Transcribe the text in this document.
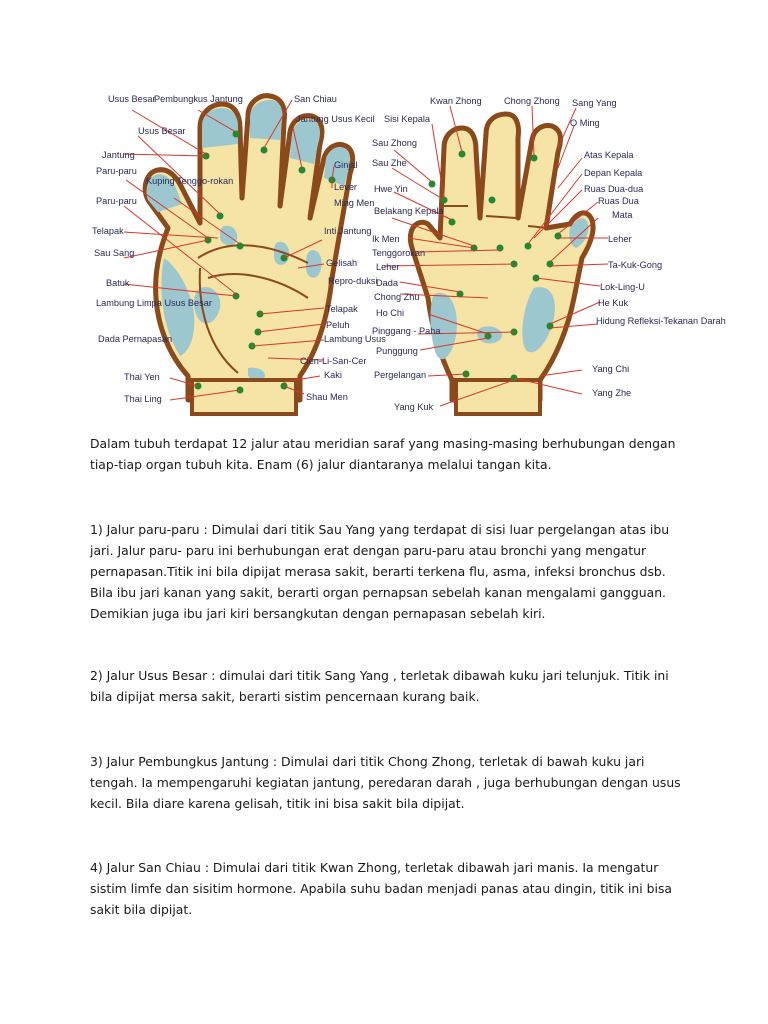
Usus Besar
Pembungkus Jantung	San Chiau
Usus Besar
Jantung Usus Kecil
Jantung
Paru-paru
Kuping Tenggo-rokan
Ginjal
Paru-paru
Lever
Ming Men
Telapak	Inti Jantung
Sau Sang
Gelisah
Batuk	Repro-duksi
Lambung Limpa Usus Besar
Telapak
Peluh
Dada Pernapasan	Lambung Usus
Cien-Li-San-Cer
Thai Yen	Kaki
Thai Ling	Shau Men
Kwan Zhong Chong Zhong Sang Yang
Sisi Kepala	O Ming
Sau Zhong
Sau Zhe
Atas Kepala
Depan Kepala
Hwe Yin	Ruas Dua-dua
Belakang Kepala
Ruas Dua
Mata
Ik Men	Leher
Tenggorokan
Leher	Ta-Kuk-Gong
Dada	Lok-Ling-U
Chong Zhu
He Kuk
Ho Chi
Hidung Refleksi-Tekanan Darah
Pinggang - Paha
Punggung
Pergelangan
Yang Chi
Yang Kuk
Yang Zhe

Dalam tubuh terdapat 12 jalur atau meridian saraf yang masing-masing berhubungan dengan tiap-tiap organ tubuh kita. Enam (6) jalur diantaranya melalui tangan kita.

1) Jalur paru-paru : Dimulai dari titik Sau Yang yang terdapat di sisi luar pergelangan atas ibu jari. Jalur paru- paru ini berhubungan erat dengan paru-paru atau bronchi yang mengatur pernapasan.Titik ini bila dipijat merasa sakit, berarti terkena flu, asma, infeksi bronchus dsb. Bila ibu jari kanan yang sakit, berarti organ pernapsan sebelah kanan mengalami gangguan. Demikian juga ibu jari kiri bersangkutan dengan pernapasan sebelah kiri.

2) Jalur Usus Besar : dimulai dari titik Sang Yang , terletak dibawah kuku jari telunjuk. Titik ini bila dipijat mersa sakit, berarti sistim pencernaan kurang baik.

3) Jalur Pembungkus Jantung : Dimulai dari titik Chong Zhong, terletak di bawah kuku jari tengah. Ia mempengaruhi kegiatan jantung, peredaran darah , juga berhubungan dengan usus kecil. Bila diare karena gelisah, titik ini bisa sakit bila dipijat.

4) Jalur San Chiau : Dimulai dari titik Kwan Zhong, terletak dibawah jari manis. Ia mengatur sistim limfe dan sisitim hormone. Apabila suhu badan menjadi panas atau dingin, titik ini bisa sakit bila dipijat.
